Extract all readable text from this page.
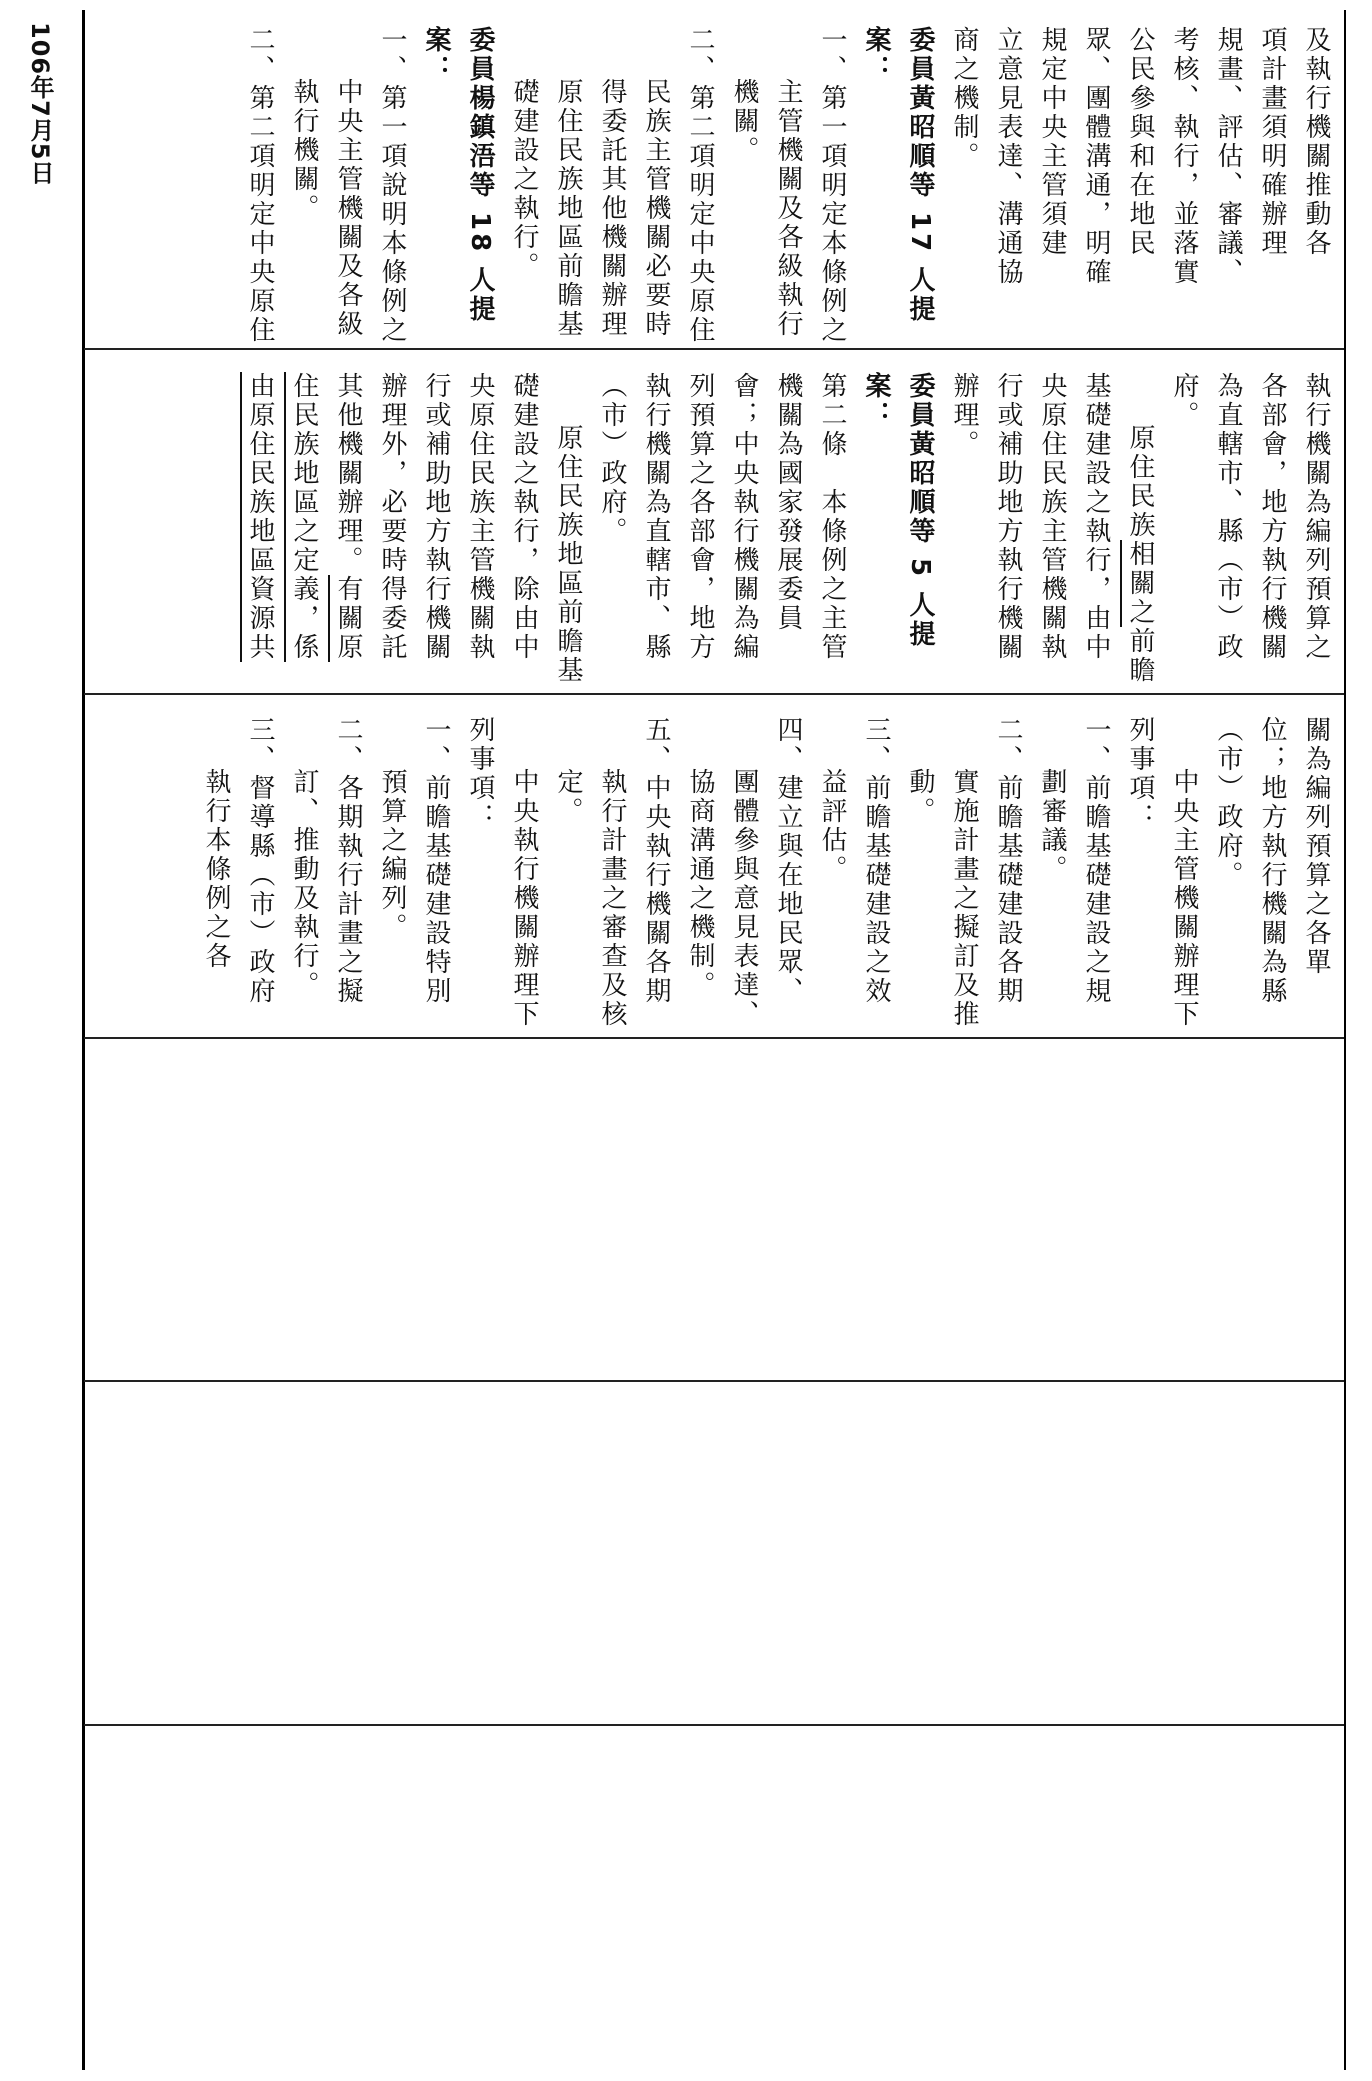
106年7月5日	及執行機關推動各

項計畫須明確辦理

規畫、評估、審議、

考核、執行，並落實

公民參與和在地民

眾、團體溝通，明確

規定中央主管須建

立意見表達、溝通協

商之機制。

委員黃昭順等 17 人提案：

一、第一項明定本條例之主管機關及各級執行機關。

二、第二項明定中央原住民族主管機關必要時得委託其他機關辦理原住民族地區前瞻基礎建設之執行。

委員楊鎮浯等 18 人提案：

一、第一項說明本條例之中央主管機關及各級執行機關。

二、第二項明定中央原住

執行機關為編列預算之各部會，地方執行機關為直轄市、縣（市）政府。

原住民族相關之前瞻基礎建設之執行，由中央原住民族主管機關執行或補助地方執行機關辦理。

委員黃昭順等 5 人提案：

第二條　本條例之主管機關為國家發展委員會；中央執行機關為編列預算之各部會，地方執行機關為直轄市、縣（市）政府。

原住民族地區前瞻基礎建設之執行，除由中央原住民族主管機關執行或補助地方執行機關辦理外，必要時得委託其他機關辦理。有關原住民族地區之定義，係由原住民族地區資源共

關為編列預算之各單位；地方執行機關為縣（市）政府。

中央主管機關辦理下列事項：

一、前瞻基礎建設之規劃審議。

二、前瞻基礎建設各期實施計畫之擬訂及推動。

三、前瞻基礎建設之效益評估。

四、建立與在地民眾、團體參與意見表達、協商溝通之機制。

五、中央執行機關各期執行計畫之審查及核定。

中央執行機關辦理下列事項：

一、前瞻基礎建設特別預算之編列。

二、各期執行計畫之擬訂、推動及執行。

三、督導縣（市）政府執行本條例之各
